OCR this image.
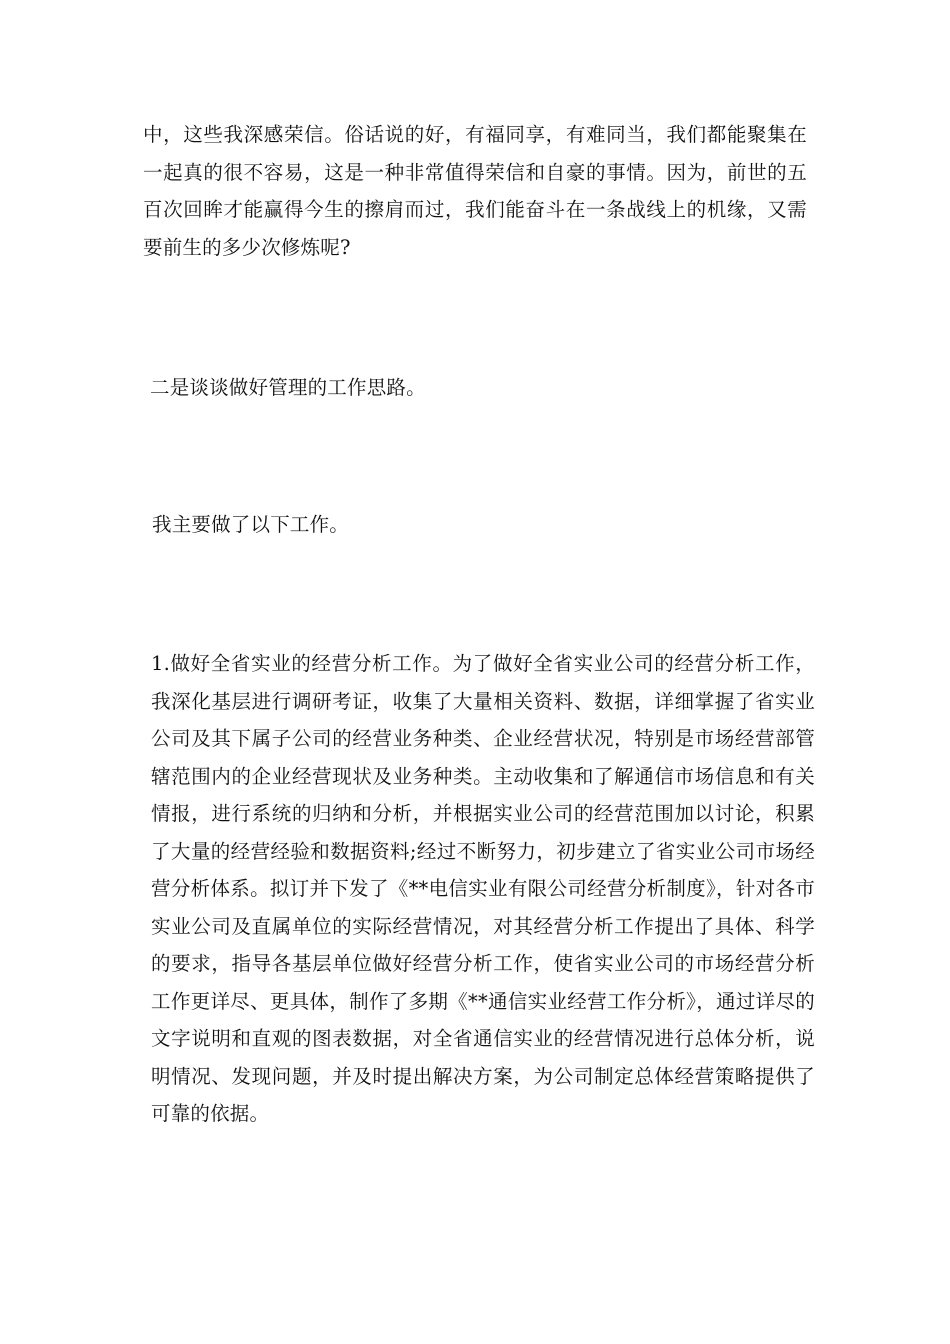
中，这些我深感荣信。俗话说的好，有福同享，有难同当，我们都能聚集在一起真的很不容易，这是一种非常值得荣信和自豪的事情。因为，前世的五百次回眸才能赢得今生的擦肩而过，我们能奋斗在一条战线上的机缘，又需要前生的多少次修炼呢?

二是谈谈做好管理的工作思路。

我主要做了以下工作。

1.做好全省实业的经营分析工作。为了做好全省实业公司的经营分析工作，我深化基层进行调研考证，收集了大量相关资料、数据，详细掌握了省实业公司及其下属子公司的经营业务种类、企业经营状况，特别是市场经营部管辖范围内的企业经营现状及业务种类。主动收集和了解通信市场信息和有关情报，进行系统的归纳和分析，并根据实业公司的经营范围加以讨论，积累了大量的经营经验和数据资料;经过不断努力，初步建立了省实业公司市场经营分析体系。拟订并下发了《**电信实业有限公司经营分析制度》，针对各市实业公司及直属单位的实际经营情况，对其经营分析工作提出了具体、科学的要求，指导各基层单位做好经营分析工作，使省实业公司的市场经营分析工作更详尽、更具体，制作了多期《**通信实业经营工作分析》，通过详尽的文字说明和直观的图表数据，对全省通信实业的经营情况进行总体分析，说明情况、发现问题，并及时提出解决方案，为公司制定总体经营策略提供了可靠的依据。
